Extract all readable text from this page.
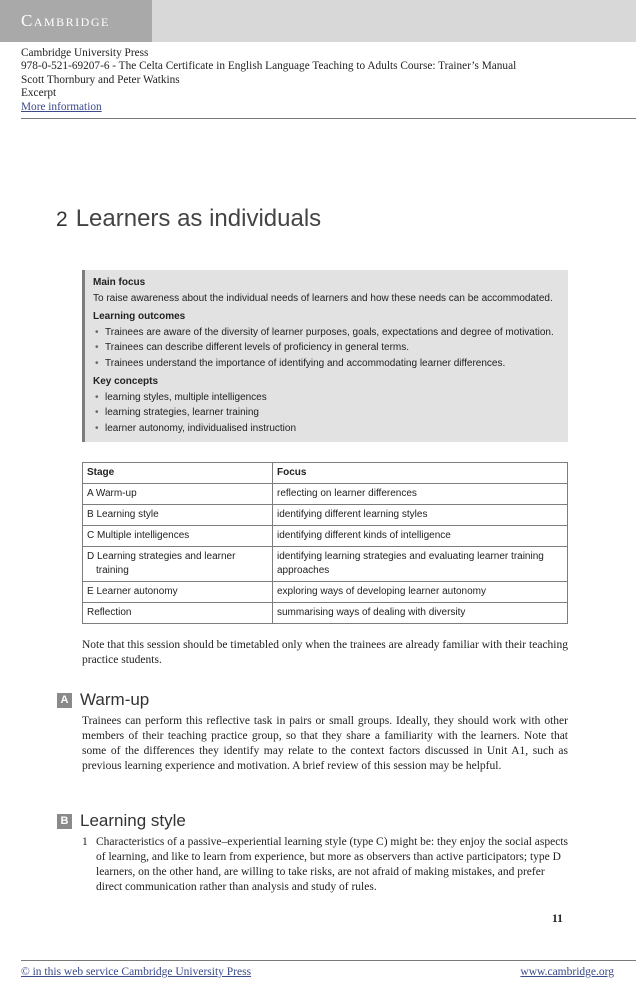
Cambridge
Cambridge University Press
978-0-521-69207-6 - The Celta Certificate in English Language Teaching to Adults Course: Trainer’s Manual
Scott Thornbury and Peter Watkins
Excerpt
More information
2 Learners as individuals
Main focus
To raise awareness about the individual needs of learners and how these needs can be accommodated.
Learning outcomes
• Trainees are aware of the diversity of learner purposes, goals, expectations and degree of motivation.
• Trainees can describe different levels of proficiency in general terms.
• Trainees understand the importance of identifying and accommodating learner differences.
Key concepts
• learning styles, multiple intelligences
• learning strategies, learner training
• learner autonomy, individualised instruction
Stage	Focus
A Warm-up	reflecting on learner differences
B Learning style	identifying different learning styles
C Multiple intelligences	identifying different kinds of intelligence

D Learning strategies and learner training	identifying learning strategies and evaluating learner training approaches
E Learner autonomy	exploring ways of developing learner autonomy
Reflection	summarising ways of dealing with diversity
Note that this session should be timetabled only when the trainees are already familiar with their teaching practice students.
A Warm-up
Trainees can perform this reflective task in pairs or small groups. Ideally, they should work with other members of their teaching practice group, so that they share a familiarity with the learners. Note that some of the differences they identify may relate to the context factors discussed in Unit A1, such as previous learning experience and motivation. A brief review of this session may be helpful.
B Learning style
1 Characteristics of a passive–experiential learning style (type C) might be: they enjoy the social aspects of learning, and like to learn from experience, but more as observers than active participators; type D learners, on the other hand, are willing to take risks, are not afraid of making mistakes, and prefer direct communication rather than analysis and study of rules.
11
© in this web service Cambridge University Press	www.cambridge.org
